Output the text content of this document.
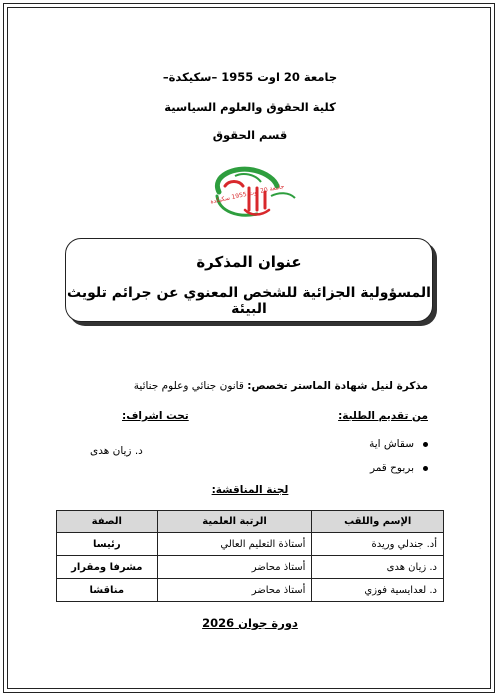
جامعة 20 اوت 1955 –سكيكدة–
كلية الحقوق والعلوم السياسية
قسم الحقوق
جامعة 20 أوت 1955 سكيكدة
عنوان المذكرة
المسؤولية الجزائية للشخص المعنوي عن جرائم تلويث البيئة
مذكرة لنيل شهادة الماستر تخصص: قانون جنائي وعلوم جنائية
من تقديم الطلبة:
سقاش اية
بربوح قمر
تحت اشراف:
د. زيان هدى
لجنة المناقشة:
الإسم واللقب	الرتبة العلمية	الصفة
أد. جندلي وريدة	أستاذة التعليم العالي	رئيسا
د. زيان هدى	أستاذ محاضر	مشرفا ومقرار
د. لعدايسية فوزي	أستاذ محاضر	مناقشا
دورة جوان 2026
